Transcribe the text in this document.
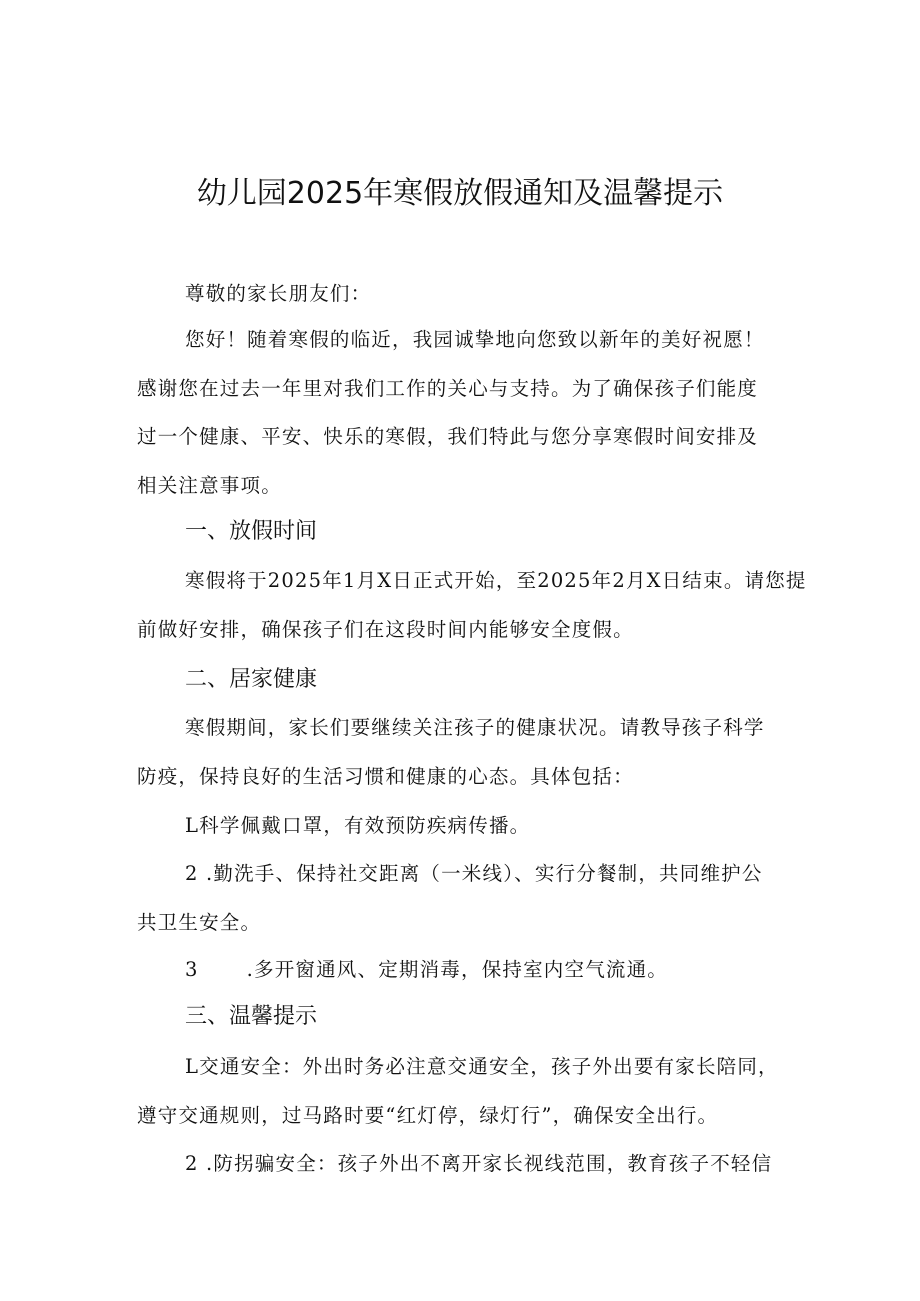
幼儿园2025年寒假放假通知及温馨提示
尊敬的家长朋友们：
您好！随着寒假的临近，我园诚挚地向您致以新年的美好祝愿！
感谢您在过去一年里对我们工作的关心与支持。为了确保孩子们能度
过一个健康、平安、快乐的寒假，我们特此与您分享寒假时间安排及
相关注意事项。
一、放假时间
寒假将于2025年1月X日正式开始，至2025年2月X日结束。请您提
前做好安排，确保孩子们在这段时间内能够安全度假。
二、居家健康
寒假期间，家长们要继续关注孩子的健康状况。请教导孩子科学
防疫，保持良好的生活习惯和健康的心态。具体包括：
L科学佩戴口罩，有效预防疾病传播。
2 .勤洗手、保持社交距离（一米线）、实行分餐制，共同维护公
共卫生安全。
3 .多开窗通风、定期消毒，保持室内空气流通。
三、温馨提示
L交通安全：外出时务必注意交通安全，孩子外出要有家长陪同，
遵守交通规则，过马路时要“红灯停，绿灯行”，确保安全出行。
2 .防拐骗安全：孩子外出不离开家长视线范围，教育孩子不轻信
